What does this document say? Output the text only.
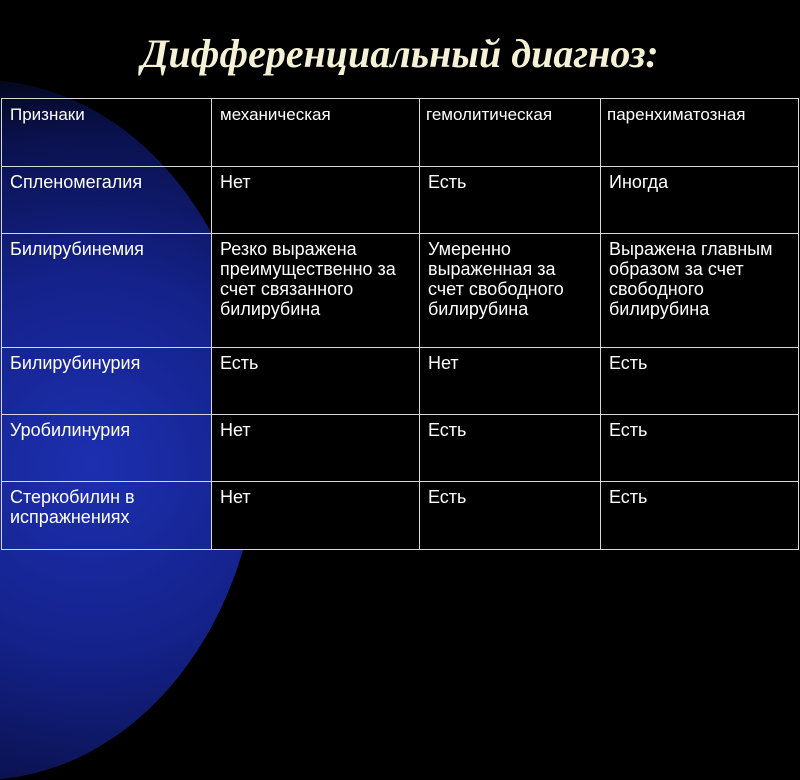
Дифференциальный диагноз:
Признаки	механическая	гемолитическая	паренхиматозная
Спленомегалия	Нет	Есть	Иногда
Билирубинемия	Резко выражена преимущественно за счет связанного билирубина	Умеренно выраженная за счет свободного билирубина	Выражена главным образом за счет свободного билирубина
Билирубинурия	Есть	Нет	Есть
Уробилинурия	Нет	Есть	Есть
Стеркобилин в испражнениях	Нет	Есть	Есть
